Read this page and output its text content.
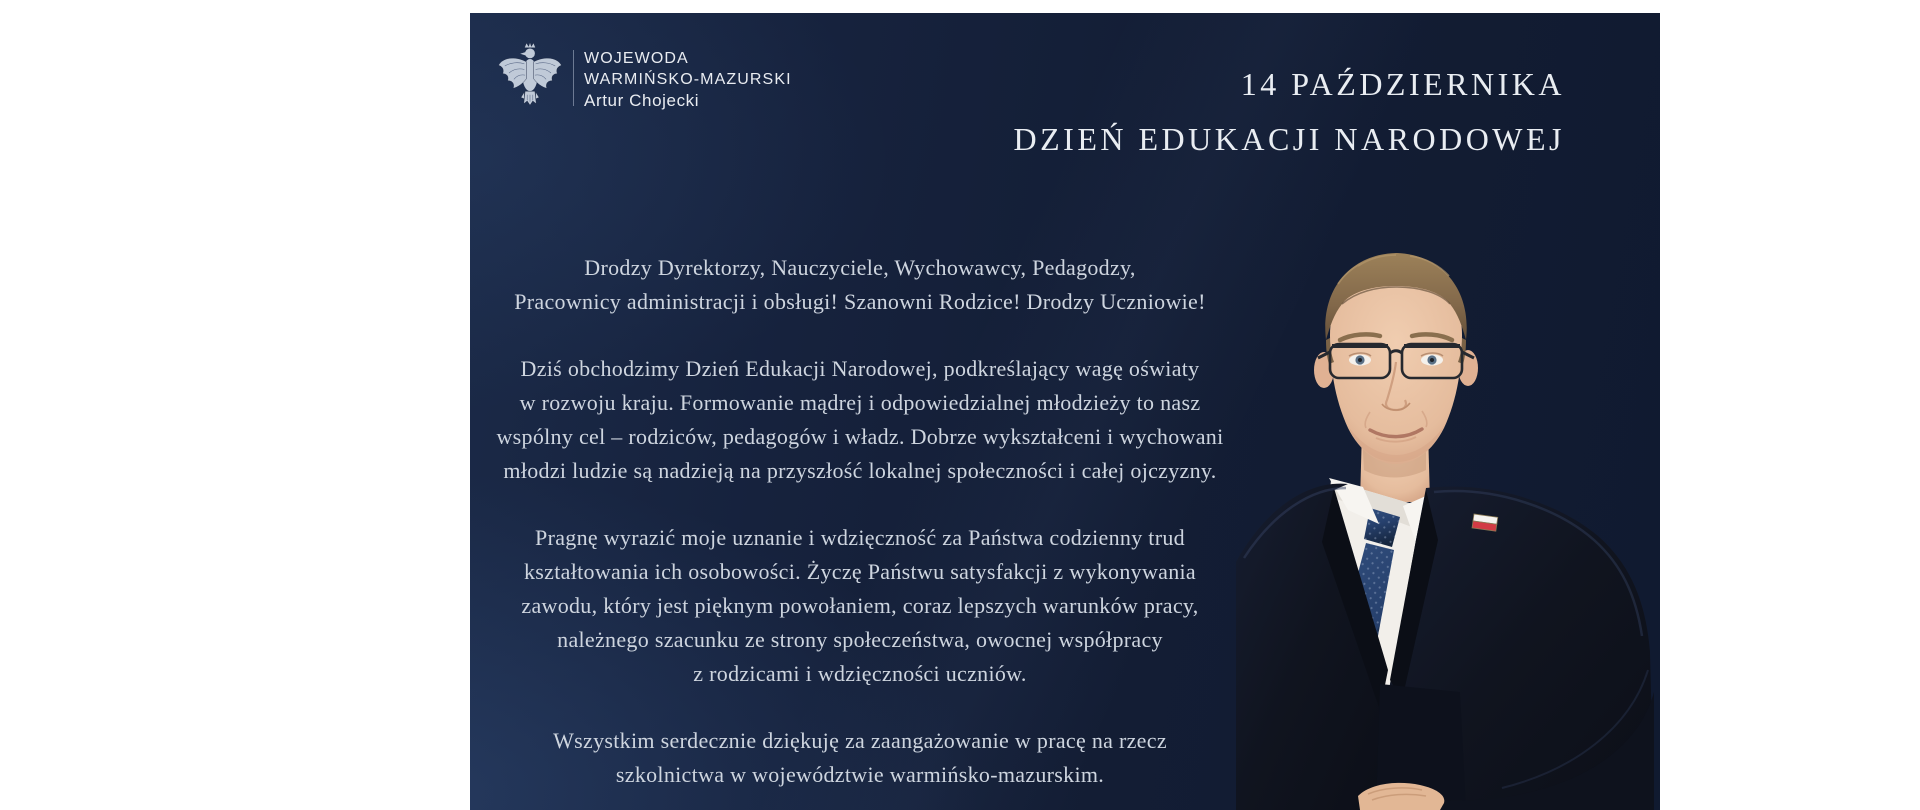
WOJEWODA
WARMIŃSKO-MAZURSKI
Artur Chojecki	14 PAŹDZIERNIKA
DZIEŃ EDUKACJI NARODOWEJ
Drodzy Dyrektorzy, Nauczyciele, Wychowawcy, Pedagodzy,
Pracownicy administracji i obsługi! Szanowni Rodzice! Drodzy Uczniowie!
Dziś obchodzimy Dzień Edukacji Narodowej, podkreślający wagę oświaty
w rozwoju kraju. Formowanie mądrej i odpowiedzialnej młodzieży to nasz
wspólny cel – rodziców, pedagogów i władz. Dobrze wykształceni i wychowani
młodzi ludzie są nadzieją na przyszłość lokalnej społeczności i całej ojczyzny.
Pragnę wyrazić moje uznanie i wdzięczność za Państwa codzienny trud
kształtowania ich osobowości. Życzę Państwu satysfakcji z wykonywania
zawodu, który jest pięknym powołaniem, coraz lepszych warunków pracy,
należnego szacunku ze strony społeczeństwa, owocnej współpracy
z rodzicami i wdzięczności uczniów.
Wszystkim serdecznie dziękuję za zaangażowanie w pracę na rzecz
szkolnictwa w województwie warmińsko-mazurskim.
